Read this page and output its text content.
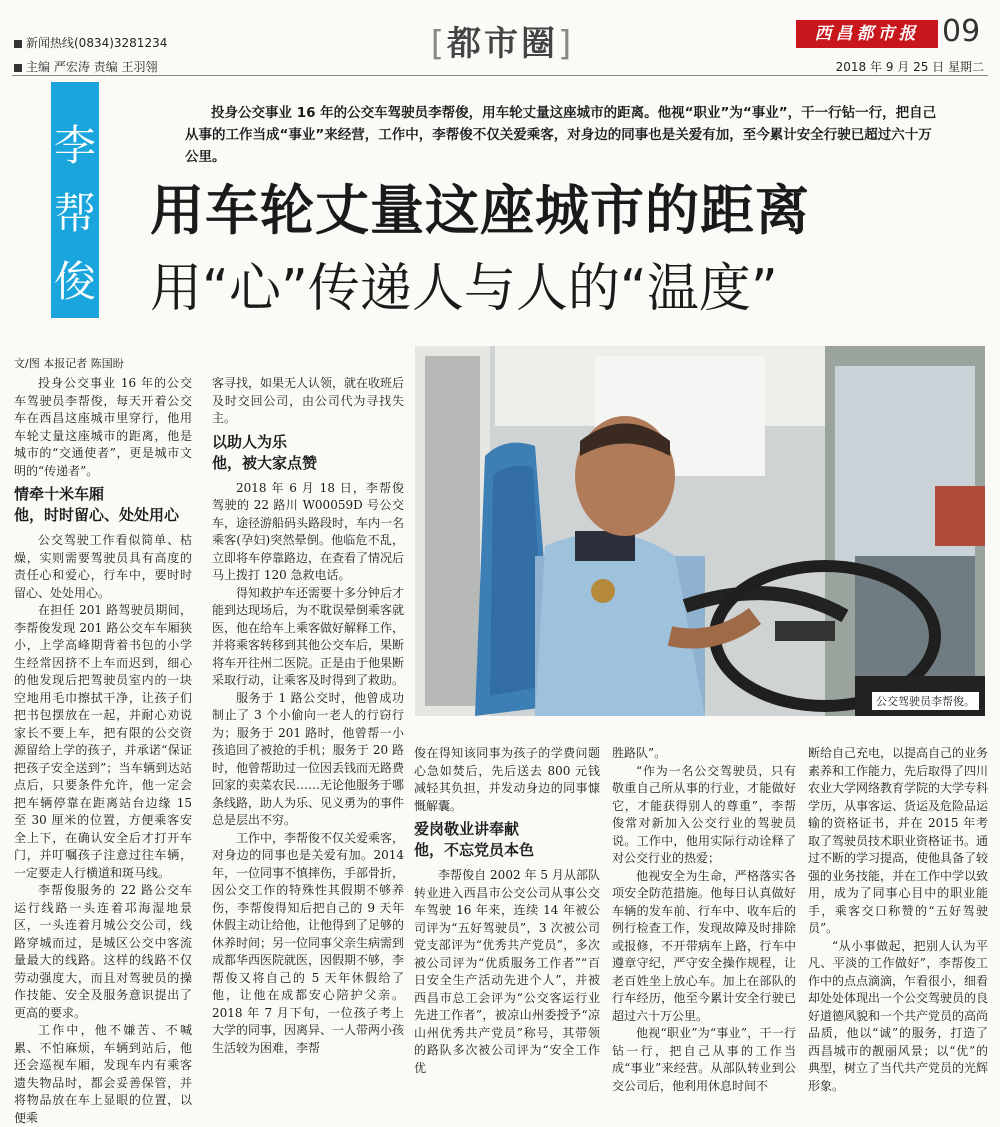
新闻热线(0834)3281234
主编 严宏涛 责编 王羽翎
[都市圈]	西昌都市报 09
2018 年 9 月 25 日 星期二
李
帮
俊
投身公交事业 16 年的公交车驾驶员李帮俊，用车轮丈量这座城市的距离。他视“职业”为“事业”，干一行钻一行，把自己从事的工作当成“事业”来经营，工作中，李帮俊不仅关爱乘客，对身边的同事也是关爱有加，至今累计安全行驶已超过六十万公里。
用车轮丈量这座城市的距离
用“心”传递人与人的“温度”
文/图 本报记者 陈国盼
公交驾驶员李帮俊。

投身公交事业 16 年的公交车驾驶员李帮俊，每天开着公交车在西昌这座城市里穿行，他用车轮丈量这座城市的距离，他是城市的“交通使者”，更是城市文明的“传递者”。

情牵十米车厢
他，时时留心、处处用心

公交驾驶工作看似简单、枯燥，实则需要驾驶员具有高度的责任心和爱心，行车中，要时时留心、处处用心。

在担任 201 路驾驶员期间，李帮俊发现 201 路公交车车厢狭小，上学高峰期背着书包的小学生经常因挤不上车而迟到，细心的他发现后把驾驶员室内的一块空地用毛巾擦拭干净，让孩子们把书包摆放在一起，并耐心劝说家长不要上车，把有限的公交资源留给上学的孩子，并承诺“保证把孩子安全送到”；当车辆到达站点后，只要条件允许，他一定会把车辆停靠在距离站台边缘 15 至 30 厘米的位置，方便乘客安全上下，在确认安全后才打开车门，并叮嘱孩子注意过往车辆，一定要走人行横道和斑马线。

李帮俊服务的 22 路公交车运行线路一头连着邛海湿地景区，一头连着月城公交公司，线路穿城而过，是城区公交中客流量最大的线路。这样的线路不仅劳动强度大，而且对驾驶员的操作技能、安全及服务意识提出了更高的要求。

工作中，他不嫌苦、不喊累、不怕麻烦，车辆到站后，他还会巡视车厢，发现车内有乘客遗失物品时，都会妥善保管，并将物品放在车上显眼的位置，以便乘

客寻找，如果无人认领，就在收班后及时交回公司，由公司代为寻找失主。

以助人为乐
他，被大家点赞

2018 年 6 月 18 日，李帮俊驾驶的 22 路川 W00059D 号公交车，途径游船码头路段时，车内一名乘客(孕妇)突然晕倒。他临危不乱，立即将车停靠路边，在查看了情况后马上拨打 120 急救电话。

得知救护车还需要十多分钟后才能到达现场后，为不耽误晕倒乘客就医，他在给车上乘客做好解释工作，并将乘客转移到其他公交车后，果断将车开往州二医院。正是由于他果断采取行动，让乘客及时得到了救助。

服务于 1 路公交时，他曾成功制止了 3 个小偷向一老人的行窃行为；服务于 201 路时，他曾帮一小孩追回了被抢的手机；服务于 20 路时，他曾帮助过一位因丢钱而无路费回家的卖菜农民……无论他服务于哪条线路，助人为乐、见义勇为的事件总是层出不穷。

工作中，李帮俊不仅关爱乘客，对身边的同事也是关爱有加。2014 年，一位同事不慎摔伤，手部骨折，因公交工作的特殊性其假期不够养伤，李帮俊得知后把自己的 9 天年休假主动让给他，让他得到了足够的休养时间；另一位同事父亲生病需到成都华西医院就医，因假期不够，李帮俊又将自己的 5 天年休假给了他，让他在成都安心陪护父亲。2018 年 7 月下旬，一位孩子考上大学的同事，因离异、一人带两小孩生活较为困难，李帮

俊在得知该同事为孩子的学费问题心急如焚后，先后送去 800 元钱减轻其负担，并发动身边的同事慷慨解囊。

爱岗敬业讲奉献
他，不忘党员本色

李帮俊自 2002 年 5 月从部队转业进入西昌市公交公司从事公交车驾驶 16 年来，连续 14 年被公司评为“五好驾驶员”，3 次被公司党支部评为“优秀共产党员”，多次被公司评为“优质服务工作者”“百日安全生产活动先进个人”，并被西昌市总工会评为“公交客运行业先进工作者”，被凉山州委授予“凉山州优秀共产党员”称号，其带领的路队多次被公司评为“安全工作优

胜路队”。

“作为一名公交驾驶员，只有敬重自己所从事的行业，才能做好它，才能获得别人的尊重”，李帮俊常对新加入公交行业的驾驶员说。工作中，他用实际行动诠释了对公交行业的热爱；

他视安全为生命，严格落实各项安全防范措施。他每日认真做好车辆的发车前、行车中、收车后的例行检查工作，发现故障及时排除或报修，不开带病车上路，行车中遵章守纪，严守安全操作规程，让老百姓坐上放心车。加上在部队的行车经历，他至今累计安全行驶已超过六十万公里。

他视“职业”为“事业”，干一行钻一行，把自己从事的工作当成“事业”来经营。从部队转业到公交公司后，他利用休息时间不

断给自己充电，以提高自己的业务素养和工作能力，先后取得了四川农业大学网络教育学院的大学专科学历，从事客运、货运及危险品运输的资格证书，并在 2015 年考取了驾驶员技术职业资格证书。通过不断的学习提高，使他具备了较强的业务技能，并在工作中学以致用，成为了同事心目中的职业能手，乘客交口称赞的“五好驾驶员”。

“从小事做起，把别人认为平凡、平淡的工作做好”，李帮俊工作中的点点滴滴，乍看很小，细看却处处体现出一个公交驾驶员的良好道德风貌和一个共产党员的高尚品质，他以“诚”的服务，打造了西昌城市的靓丽风景；以“优”的典型，树立了当代共产党员的光辉形象。
